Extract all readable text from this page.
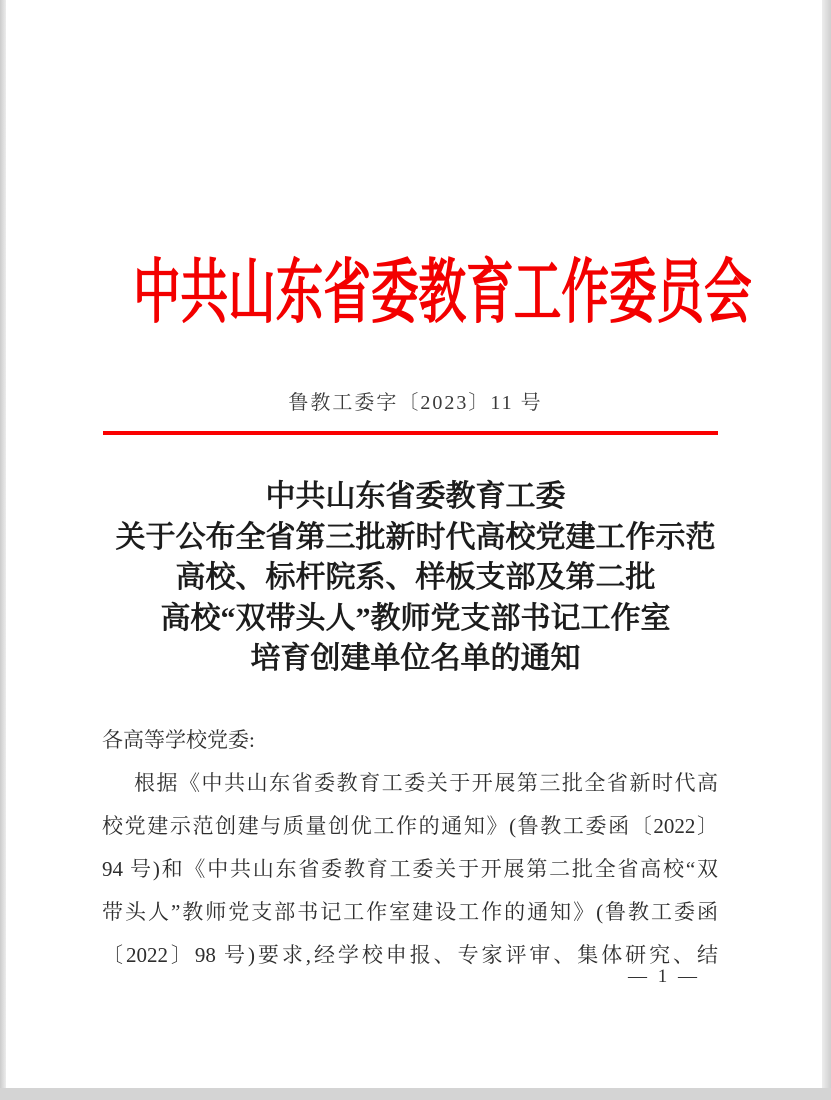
中共山东省委教育工作委员会
鲁教工委字〔2023〕11 号
中共山东省委教育工委
关于公布全省第三批新时代高校党建工作示范
高校、标杆院系、样板支部及第二批
高校“双带头人”教师党支部书记工作室
培育创建单位名单的通知
各高等学校党委:
根据《中共山东省委教育工委关于开展第三批全省新时代高
校党建示范创建与质量创优工作的通知》(鲁教工委函〔2022〕
94 号)和《中共山东省委教育工委关于开展第二批全省高校“双
带头人”教师党支部书记工作室建设工作的通知》(鲁教工委函
〔2022〕98 号)要求,经学校申报、专家评审、集体研究、结
— 1 —
